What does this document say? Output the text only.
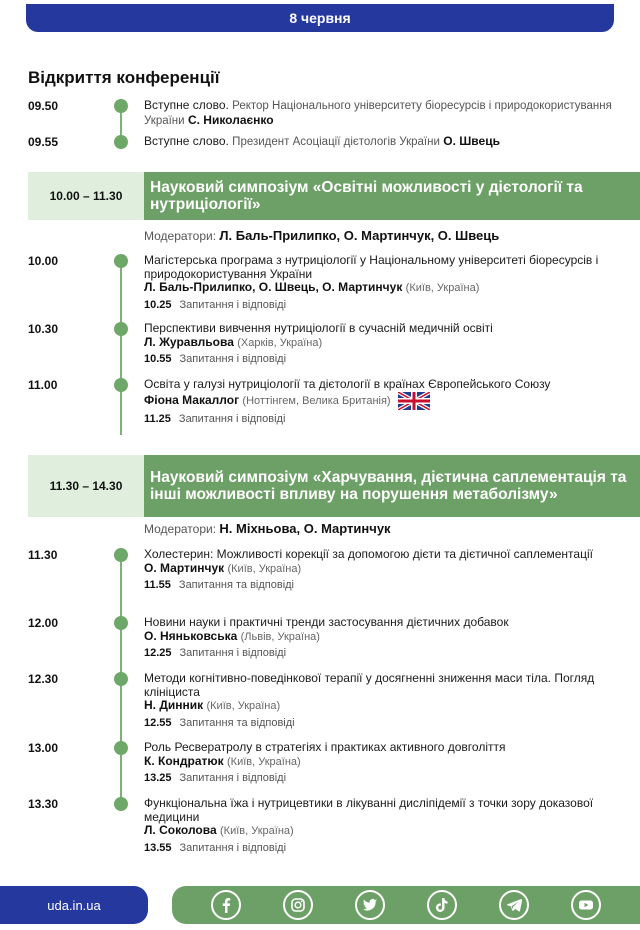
8 червня
Відкриття конференції
09.50	Вступне слово. Ректор Національного університету біоресурсів і природокористування України С. Николаєнко
09.55	Вступне слово. Президент Асоціації дієтологів України О. Швець
10.00 – 11.30	Науковий симпозіум «Освітні можливості у дієтології та нутриціології»
Модератори: Л. Баль-Прилипко, О. Мартинчук, О. Швець
10.00	Магістерська програма з нутриціології у Національному університеті біоресурсів і природокористування України
Л. Баль-Прилипко, О. Швець, О. Мартинчук (Київ, Україна)
10.25 Запитання і відповіді
10.30	Перспективи вивчення нутриціології в сучасній медичній освіті
Л. Журавльова (Харків, Україна)
10.55 Запитання і відповіді
11.00	Освіта у галузі нутриціології та дієтології в країнах Європейського Союзу
Фіона Макаллог (Ноттінгем, Велика Британія)
11.25 Запитання і відповіді
11.30 – 14.30	Науковий симпозіум «Харчування, дієтична саплементація та інші можливості впливу на порушення метаболізму»
Модератори: Н. Міхньова, О. Мартинчук
11.30	Холестерин: Можливості корекції за допомогою дієти та дієтичної саплементації
О. Мартинчук (Київ, Україна)
11.55 Запитання та відповіді
12.00	Новини науки і практичні тренди застосування дієтичних добавок
О. Няньковська (Львів, Україна)
12.25 Запитання і відповіді
12.30	Методи когнітивно-поведінкової терапії у досягненні зниження маси тіла. Погляд клініциста
Н. Динник (Київ, Україна)
12.55 Запитання та відповіді
13.00	Роль Ресвератролу в стратегіях і практиках активного довголіття
К. Кондратюк (Київ, Україна)
13.25 Запитання і відповіді
13.30	Функціональна їжа і нутрицевтики в лікуванні дисліпідемії з точки зору доказової медицини
Л. Соколова (Київ, Україна)
13.55 Запитання і відповіді
uda.in.ua
